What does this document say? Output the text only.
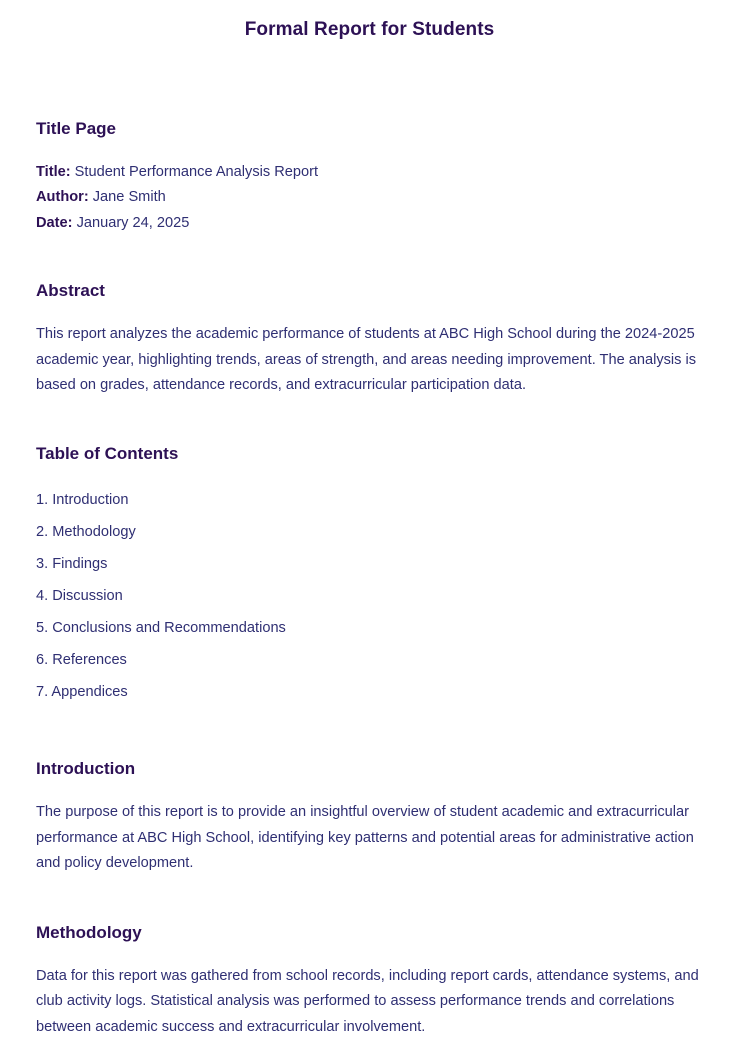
Formal Report for Students
Title Page
Title: Student Performance Analysis Report
Author: Jane Smith
Date: January 24, 2025
Abstract

This report analyzes the academic performance of students at ABC High School during the 2024-2025 academic year, highlighting trends, areas of strength, and areas needing improvement. The analysis is based on grades, attendance records, and extracurricular participation data.

Table of Contents
1. Introduction
2. Methodology
3. Findings
4. Discussion
5. Conclusions and Recommendations
6. References
7. Appendices
Introduction

The purpose of this report is to provide an insightful overview of student academic and extracurricular performance at ABC High School, identifying key patterns and potential areas for administrative action and policy development.

Methodology

Data for this report was gathered from school records, including report cards, attendance systems, and club activity logs. Statistical analysis was performed to assess performance trends and correlations between academic success and extracurricular involvement.
